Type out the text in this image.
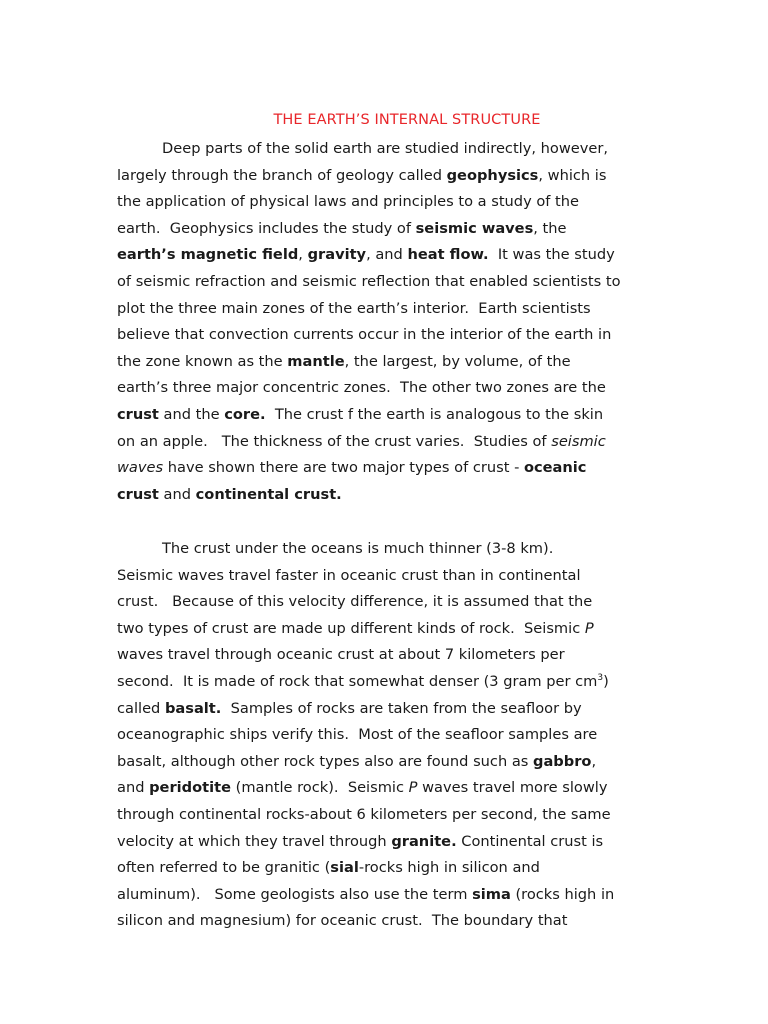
THE EARTH’S INTERNAL STRUCTURE
Deep parts of the solid earth are studied indirectly, however,
largely through the branch of geology called geophysics, which is
the application of physical laws and principles to a study of the
earth.  Geophysics includes the study of seismic waves, the
earth’s magnetic field, gravity, and heat flow.  It was the study
of seismic refraction and seismic reflection that enabled scientists to
plot the three main zones of the earth’s interior.  Earth scientists
believe that convection currents occur in the interior of the earth in
the zone known as the mantle, the largest, by volume, of the
earth’s three major concentric zones.  The other two zones are the
crust and the core.  The crust f the earth is analogous to the skin
on an apple.   The thickness of the crust varies.  Studies of seismic
waves have shown there are two major types of crust - oceanic
crust and continental crust.
The crust under the oceans is much thinner (3-8 km).
Seismic waves travel faster in oceanic crust than in continental
crust.   Because of this velocity difference, it is assumed that the
two types of crust are made up different kinds of rock.  Seismic P
waves travel through oceanic crust at about 7 kilometers per
second.  It is made of rock that somewhat denser (3 gram per $cm^3$)
called basalt.  Samples of rocks are taken from the seafloor by
oceanographic ships verify this.  Most of the seafloor samples are
basalt, although other rock types also are found such as gabbro,
and peridotite (mantle rock).  Seismic P waves travel more slowly
through continental rocks-about 6 kilometers per second, the same
velocity at which they travel through granite. Continental crust is
often referred to be granitic (sial-rocks high in silicon and
aluminum).   Some geologists also use the term sima (rocks high in
silicon and magnesium) for oceanic crust.  The boundary that
